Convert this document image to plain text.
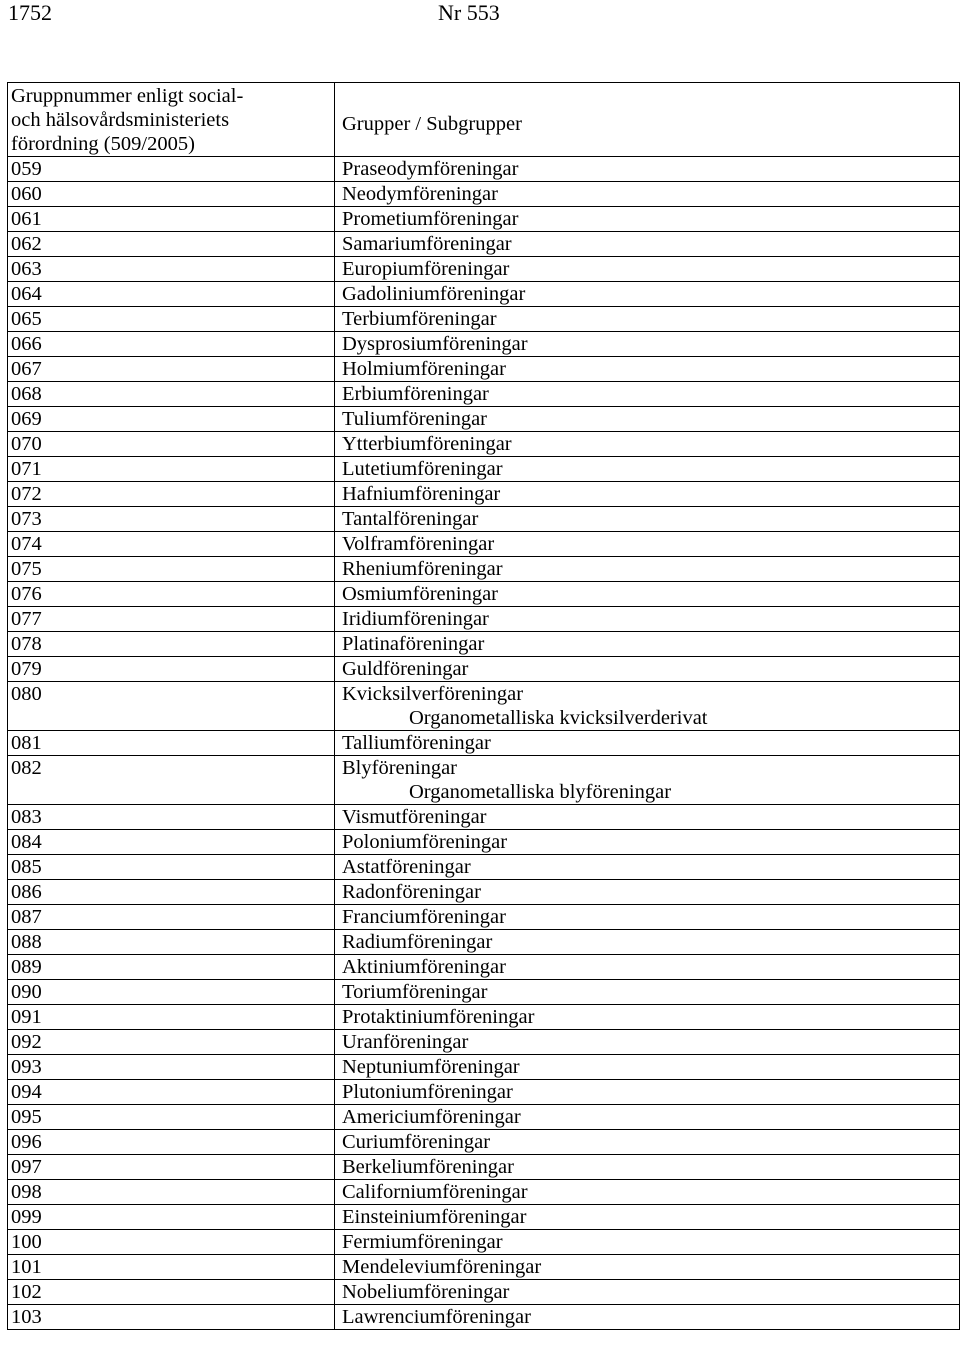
1752	Nr 553
Gruppnummer enligt social-
och hälsovårdsministeriets
förordning (509/2005)	Grupper / Subgrupper
059	Praseodymföreningar
060	Neodymföreningar
061	Prometiumföreningar
062	Samariumföreningar
063	Europiumföreningar
064	Gadoliniumföreningar
065	Terbiumföreningar
066	Dysprosiumföreningar
067	Holmiumföreningar
068	Erbiumföreningar
069	Tuliumföreningar
070	Ytterbiumföreningar
071	Lutetiumföreningar
072	Hafniumföreningar
073	Tantalföreningar
074	Volframföreningar
075	Rheniumföreningar
076	Osmiumföreningar
077	Iridiumföreningar
078	Platinaföreningar
079	Guldföreningar
080	Kvicksilverföreningar
Organometalliska kvicksilverderivat

081	Talliumföreningar
082	Blyföreningar
Organometalliska blyföreningar

083	Vismutföreningar
084	Poloniumföreningar
085	Astatföreningar
086	Radonföreningar
087	Franciumföreningar
088	Radiumföreningar
089	Aktiniumföreningar
090	Toriumföreningar
091	Protaktiniumföreningar
092	Uranföreningar
093	Neptuniumföreningar
094	Plutoniumföreningar
095	Americiumföreningar
096	Curiumföreningar
097	Berkeliumföreningar
098	Californiumföreningar
099	Einsteiniumföreningar
100	Fermiumföreningar
101	Mendeleviumföreningar
102	Nobeliumföreningar
103	Lawrenciumföreningar
